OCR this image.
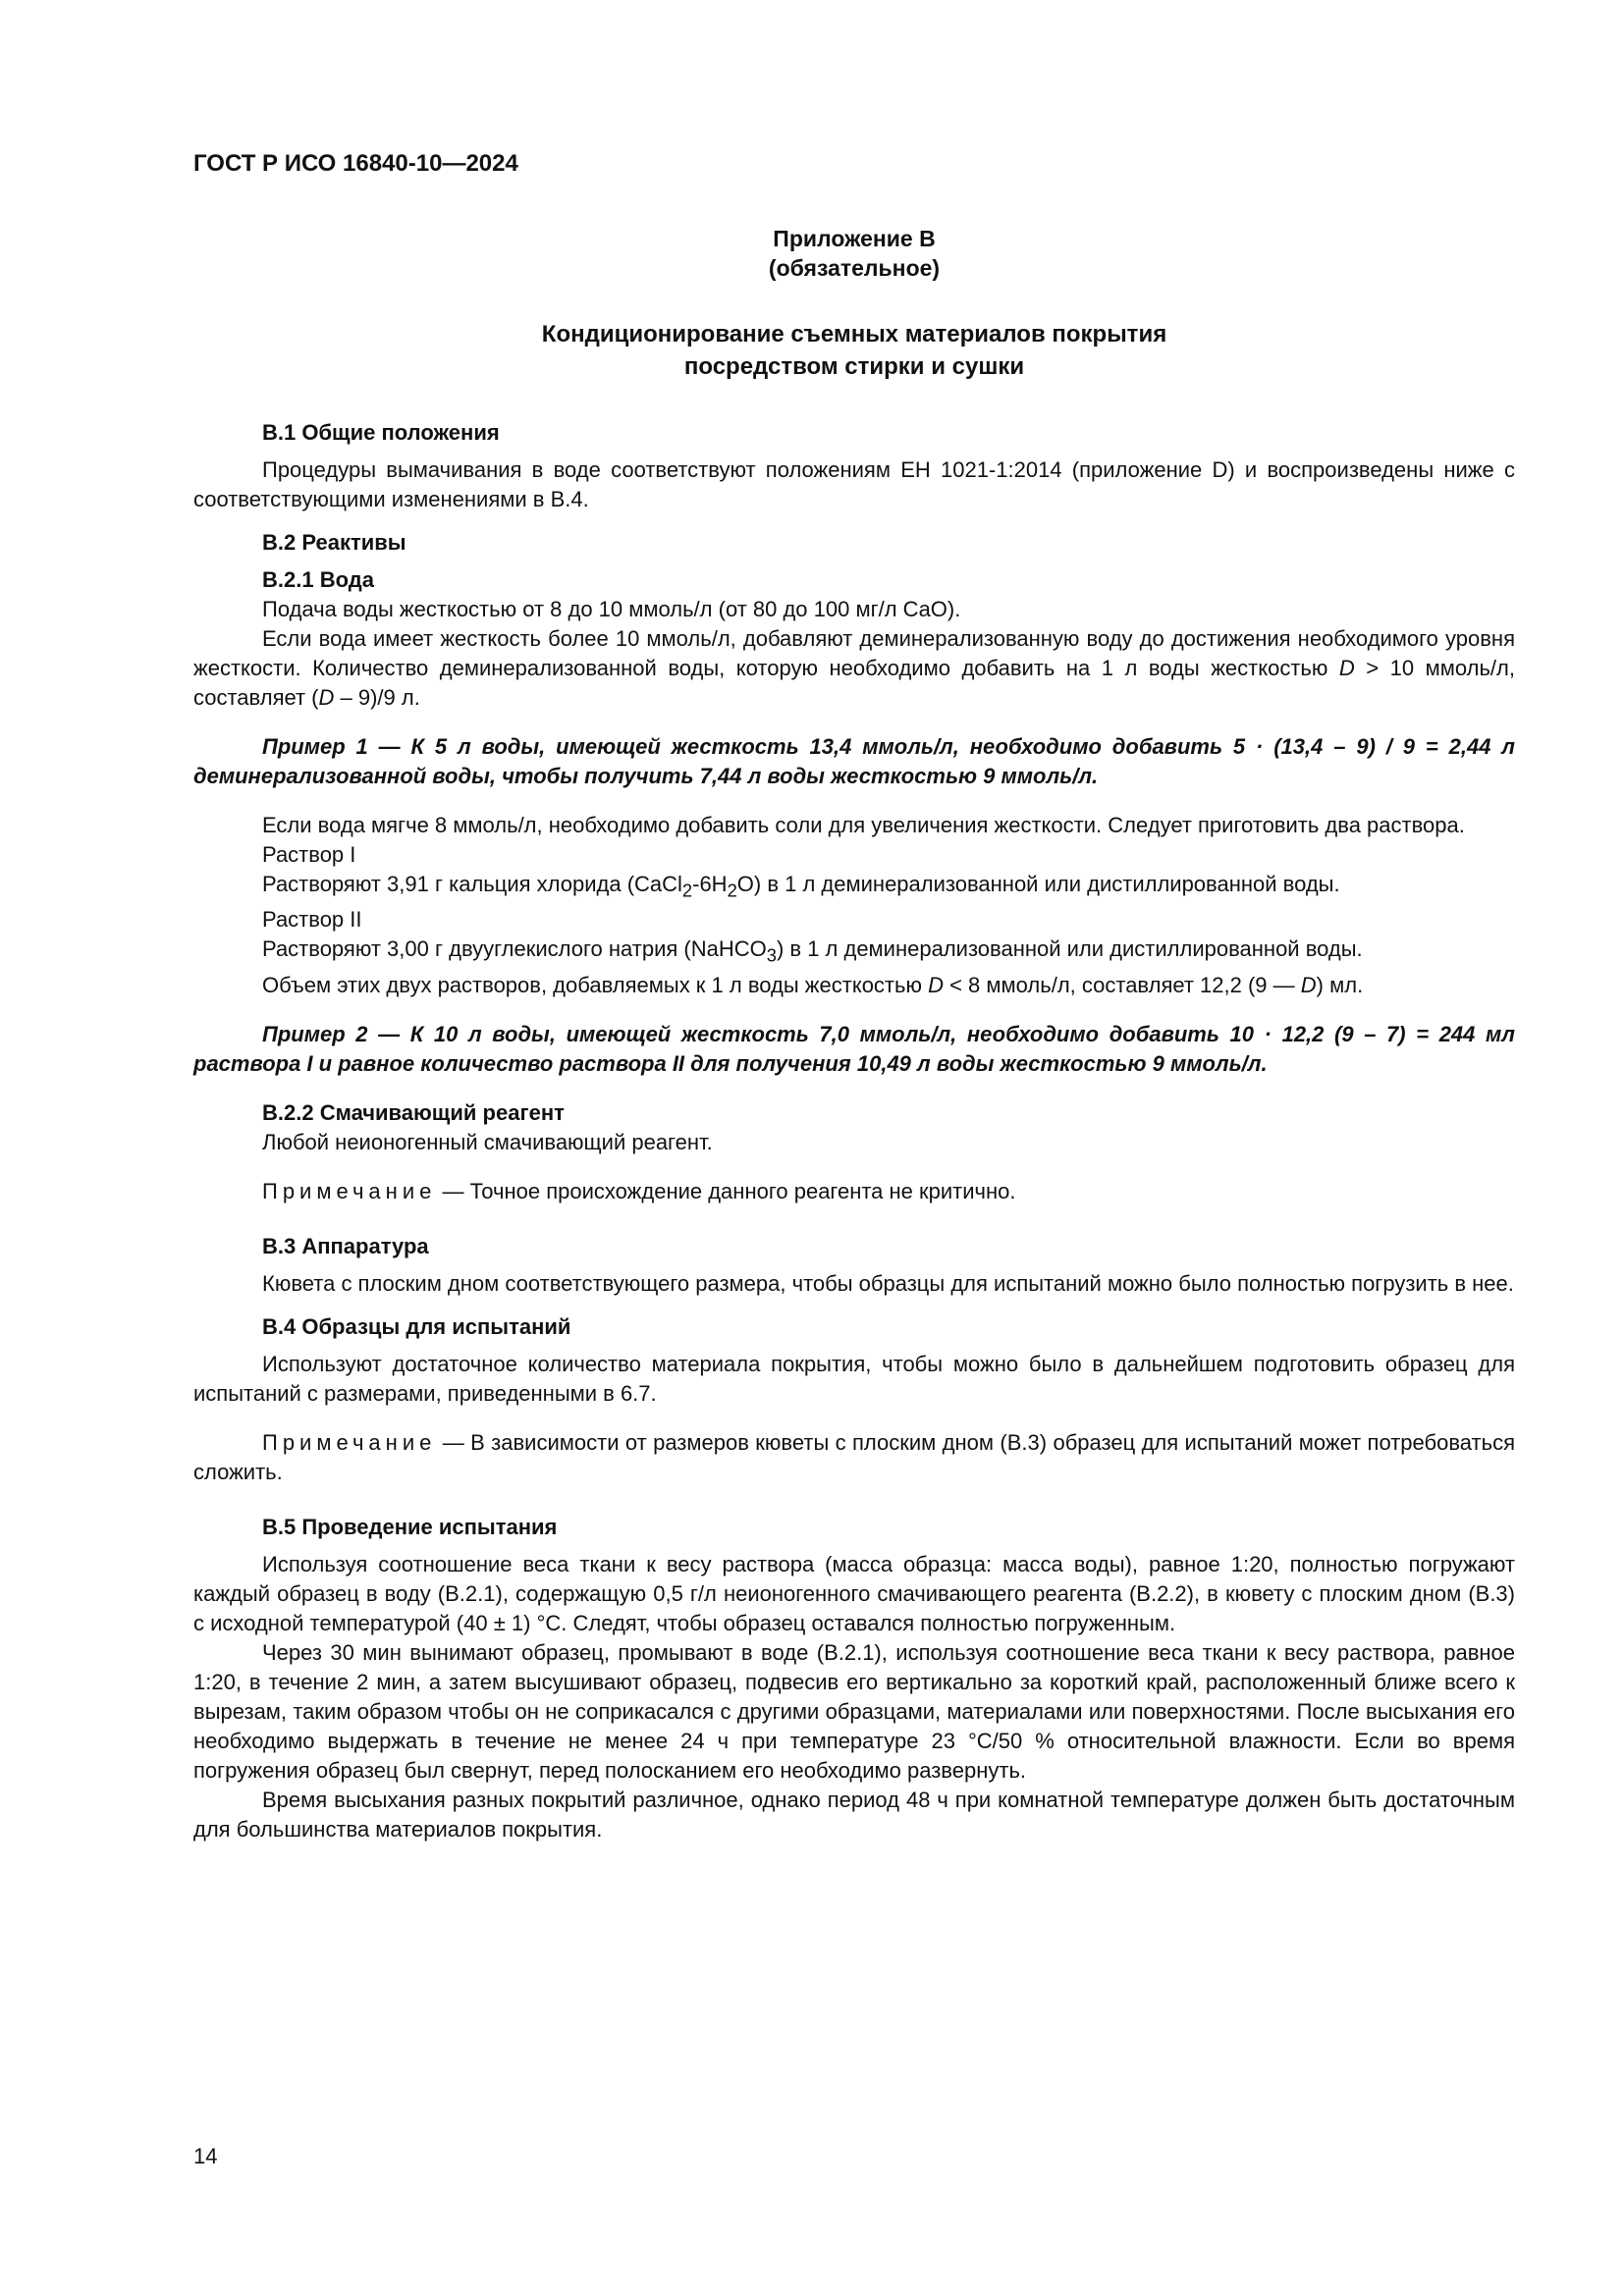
ГОСТ Р ИСО 16840-10—2024
Приложение В
(обязательное)
Кондиционирование съемных материалов покрытия
посредством стирки и сушки
В.1 Общие положения

Процедуры вымачивания в воде соответствуют положениям ЕН 1021-1:2014 (приложение D) и воспроизведены ниже с соответствующими изменениями в В.4.

В.2 Реактивы
В.2.1 Вода

Подача воды жесткостью от 8 до 10 ммоль/л (от 80 до 100 мг/л CaO).

Если вода имеет жесткость более 10 ммоль/л, добавляют деминерализованную воду до достижения необходимого уровня жесткости. Количество деминерализованной воды, которую необходимо добавить на 1 л воды жесткостью D > 10 ммоль/л, составляет (D – 9)/9 л.

Пример 1 — К 5 л воды, имеющей жесткость 13,4 ммоль/л, необходимо добавить 5 · (13,4 – 9) / 9 = 2,44 л деминерализованной воды, чтобы получить 7,44 л воды жесткостью 9 ммоль/л.

Если вода мягче 8 ммоль/л, необходимо добавить соли для увеличения жесткости. Следует приготовить два раствора.

Раствор I

Растворяют 3,91 г кальция хлорида $(CaCl_2-6H_2O)$ в 1 л деминерализованной или дистиллированной воды.

Раствор II

Растворяют 3,00 г двууглекислого натрия (NaHCO$_3$) в 1 л деминерализованной или дистиллированной воды.

Объем этих двух растворов, добавляемых к 1 л воды жесткостью D < 8 ммоль/л, составляет 12,2 (9 — D) мл.

Пример 2 — К 10 л воды, имеющей жесткость 7,0 ммоль/л, необходимо добавить 10 · 12,2 (9 – 7) = 244 мл раствора I и равное количество раствора II для получения 10,49 л воды жесткостью 9 ммоль/л.

В.2.2 Смачивающий реагент

Любой неионогенный смачивающий реагент.

Примечание — Точное происхождение данного реагента не критично.

В.3 Аппаратура

Кювета с плоским дном соответствующего размера, чтобы образцы для испытаний можно было полностью погрузить в нее.

В.4 Образцы для испытаний

Используют достаточное количество материала покрытия, чтобы можно было в дальнейшем подготовить образец для испытаний с размерами, приведенными в 6.7.

Примечание — В зависимости от размеров кюветы с плоским дном (В.3) образец для испытаний может потребоваться сложить.

В.5 Проведение испытания

Используя соотношение веса ткани к весу раствора (масса образца: масса воды), равное 1:20, полностью погружают каждый образец в воду (В.2.1), содержащую 0,5 г/л неионогенного смачивающего реагента (В.2.2), в кювету с плоским дном (В.3) с исходной температурой (40 ± 1) °С. Следят, чтобы образец оставался полностью погруженным.

Через 30 мин вынимают образец, промывают в воде (В.2.1), используя соотношение веса ткани к весу раствора, равное 1:20, в течение 2 мин, а затем высушивают образец, подвесив его вертикально за короткий край, расположенный ближе всего к вырезам, таким образом чтобы он не соприкасался с другими образцами, материалами или поверхностями. После высыхания его необходимо выдержать в течение не менее 24 ч при температуре 23 °С/50 % относительной влажности. Если во время погружения образец был свернут, перед полосканием его необходимо развернуть.

Время высыхания разных покрытий различное, однако период 48 ч при комнатной температуре должен быть достаточным для большинства материалов покрытия.

14
